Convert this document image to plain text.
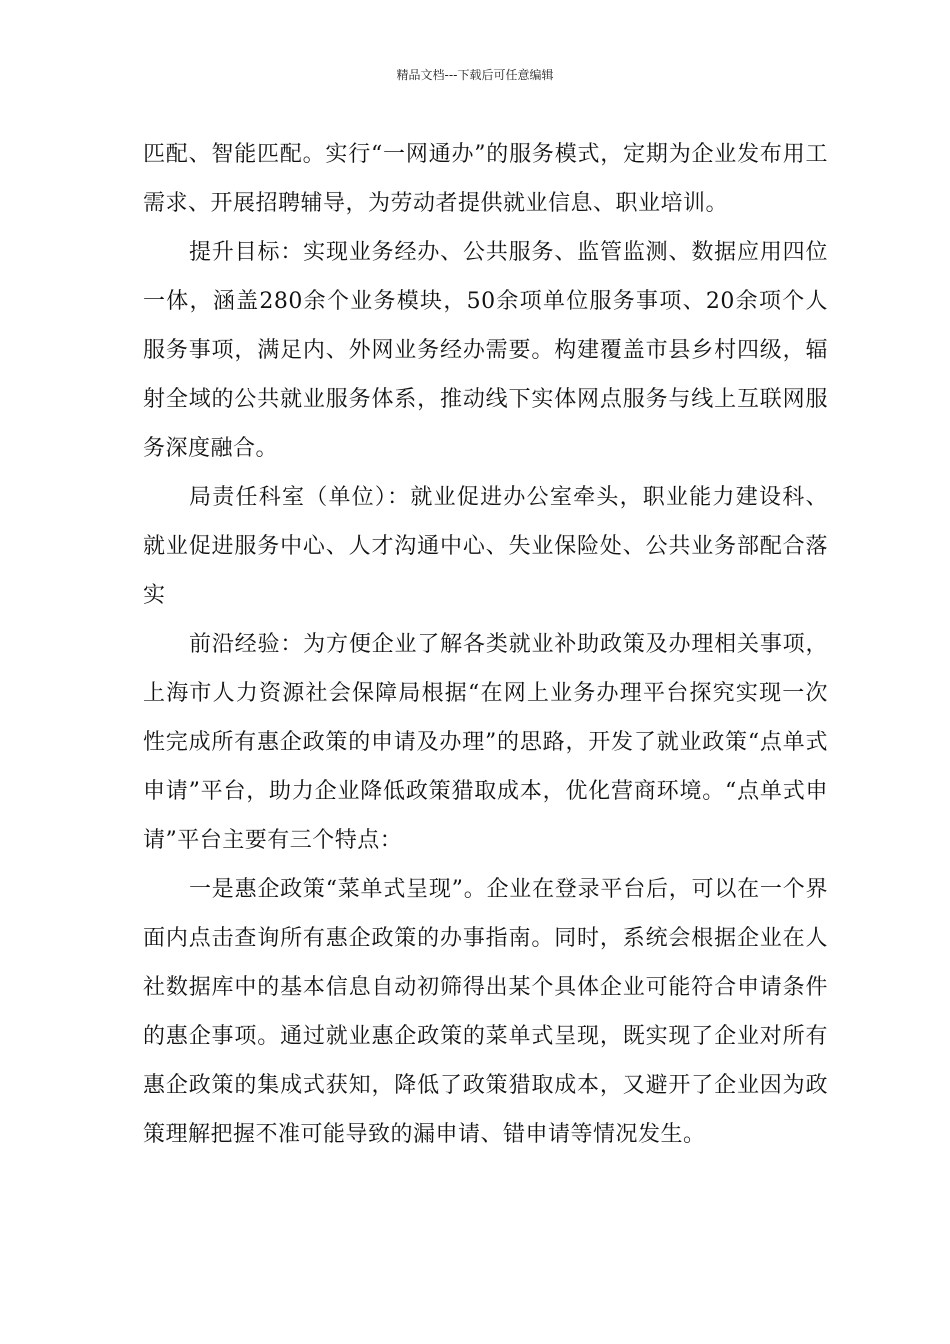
精品文档---下载后可任意编辑

匹配、智能匹配。实行“一网通办”的服务模式，定期为企业发布用工需求、开展招聘辅导，为劳动者提供就业信息、职业培训。

提升目标：实现业务经办、公共服务、监管监测、数据应用四位一体，涵盖280余个业务模块，50余项单位服务事项、20余项个人服务事项，满足内、外网业务经办需要。构建覆盖市县乡村四级，辐射全域的公共就业服务体系，推动线下实体网点服务与线上互联网服务深度融合。

局责任科室（单位）：就业促进办公室牵头，职业能力建设科、就业促进服务中心、人才沟通中心、失业保险处、公共业务部配合落实

前沿经验：为方便企业了解各类就业补助政策及办理相关事项，上海市人力资源社会保障局根据“在网上业务办理平台探究实现一次性完成所有惠企政策的申请及办理”的思路，开发了就业政策“点单式申请”平台，助力企业降低政策猎取成本，优化营商环境。“点单式申请”平台主要有三个特点：

一是惠企政策“菜单式呈现”。企业在登录平台后，可以在一个界面内点击查询所有惠企政策的办事指南。同时，系统会根据企业在人社数据库中的基本信息自动初筛得出某个具体企业可能符合申请条件的惠企事项。通过就业惠企政策的菜单式呈现，既实现了企业对所有惠企政策的集成式获知，降低了政策猎取成本，又避开了企业因为政策理解把握不准可能导致的漏申请、错申请等情况发生。
